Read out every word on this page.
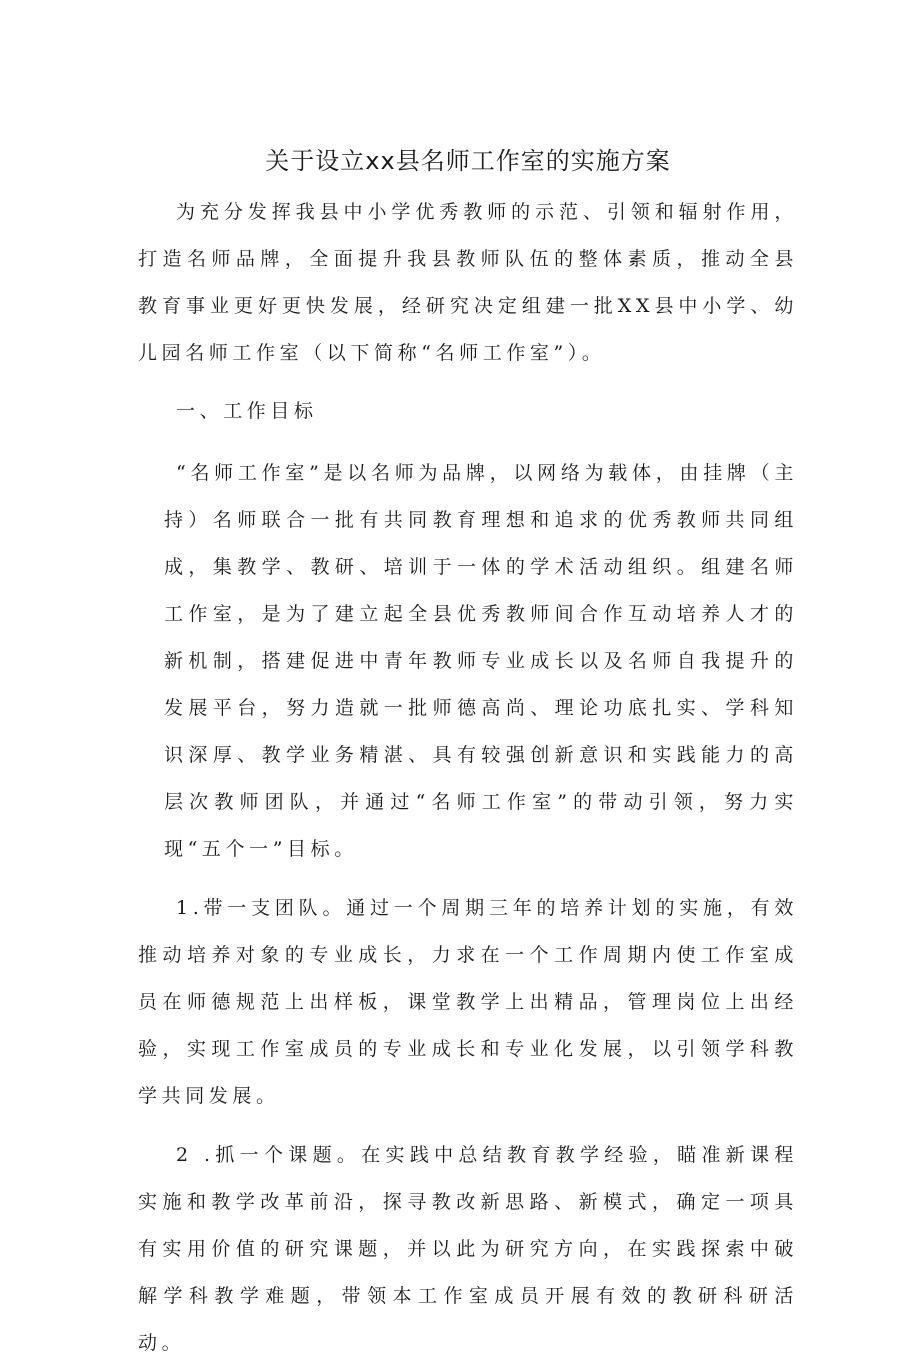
关于设立xx县名师工作室的实施方案

为充分发挥我县中小学优秀教师的示范、引领和辐射作用，打造名师品牌，全面提升我县教师队伍的整体素质，推动全县教育事业更好更快发展，经研究决定组建一批XX县中小学、幼儿园名师工作室（以下简称“名师工作室”）。

一、工作目标

“名师工作室”是以名师为品牌，以网络为载体，由挂牌（主持）名师联合一批有共同教育理想和追求的优秀教师共同组成，集教学、教研、培训于一体的学术活动组织。组建名师工作室，是为了建立起全县优秀教师间合作互动培养人才的新机制，搭建促进中青年教师专业成长以及名师自我提升的发展平台，努力造就一批师德高尚、理论功底扎实、学科知识深厚、教学业务精湛、具有较强创新意识和实践能力的高层次教师团队，并通过“名师工作室”的带动引领，努力实现“五个一”目标。

1.带一支团队。通过一个周期三年的培养计划的实施，有效推动培养对象的专业成长，力求在一个工作周期内使工作室成员在师德规范上出样板，课堂教学上出精品，管理岗位上出经验，实现工作室成员的专业成长和专业化发展，以引领学科教学共同发展。

2 .抓一个课题。在实践中总结教育教学经验，瞄准新课程实施和教学改革前沿，探寻教改新思路、新模式，确定一项具有实用价值的研究课题，并以此为研究方向，在实践探索中破解学科教学难题，带领本工作室成员开展有效的教研科研活动。
